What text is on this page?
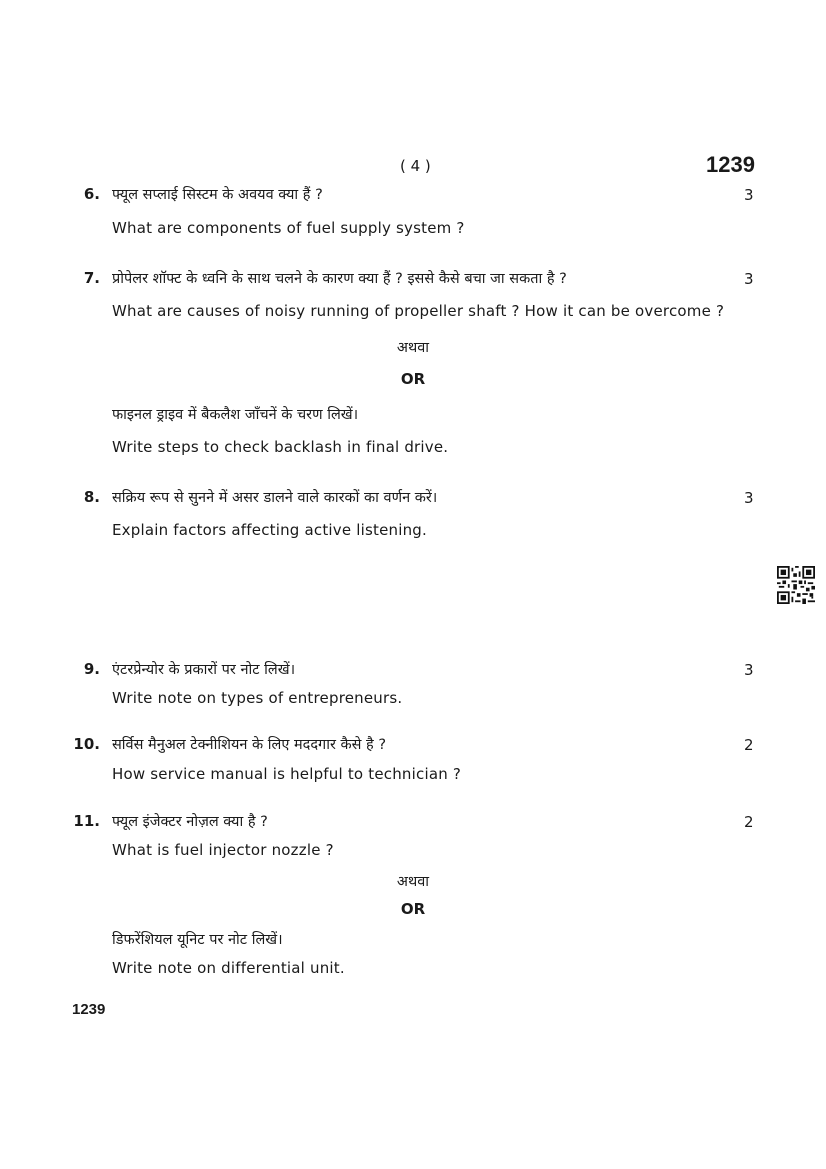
( 4 )	1239
6. फ्यूल सप्लाई सिस्टम के अवयव क्या हैं ?	3
What are components of fuel supply system ?
7. प्रोपेलर शॉफ्ट के ध्वनि के साथ चलने के कारण क्या हैं ? इससे कैसे बचा जा सकता है ?	3
What are causes of noisy running of propeller shaft ? How it can be overcome ?
अथवा
OR
फाइनल ड्राइव में बैकलैश जाँचनें के चरण लिखें।
Write steps to check backlash in final drive.
8. सक्रिय रूप से सुनने में असर डालने वाले कारकों का वर्णन करें।	3
Explain factors affecting active listening.
9. एंटरप्रेन्योर के प्रकारों पर नोट लिखें।	3
Write note on types of entrepreneurs.
10. सर्विस मैनुअल टेक्नीशियन के लिए मददगार कैसे है ?	2
How service manual is helpful to technician ?
11. फ्यूल इंजेक्टर नोज़ल क्या है ?	2
What is fuel injector nozzle ?
अथवा
OR
डिफरेंशियल यूनिट पर नोट लिखें।
Write note on differential unit.
1239
